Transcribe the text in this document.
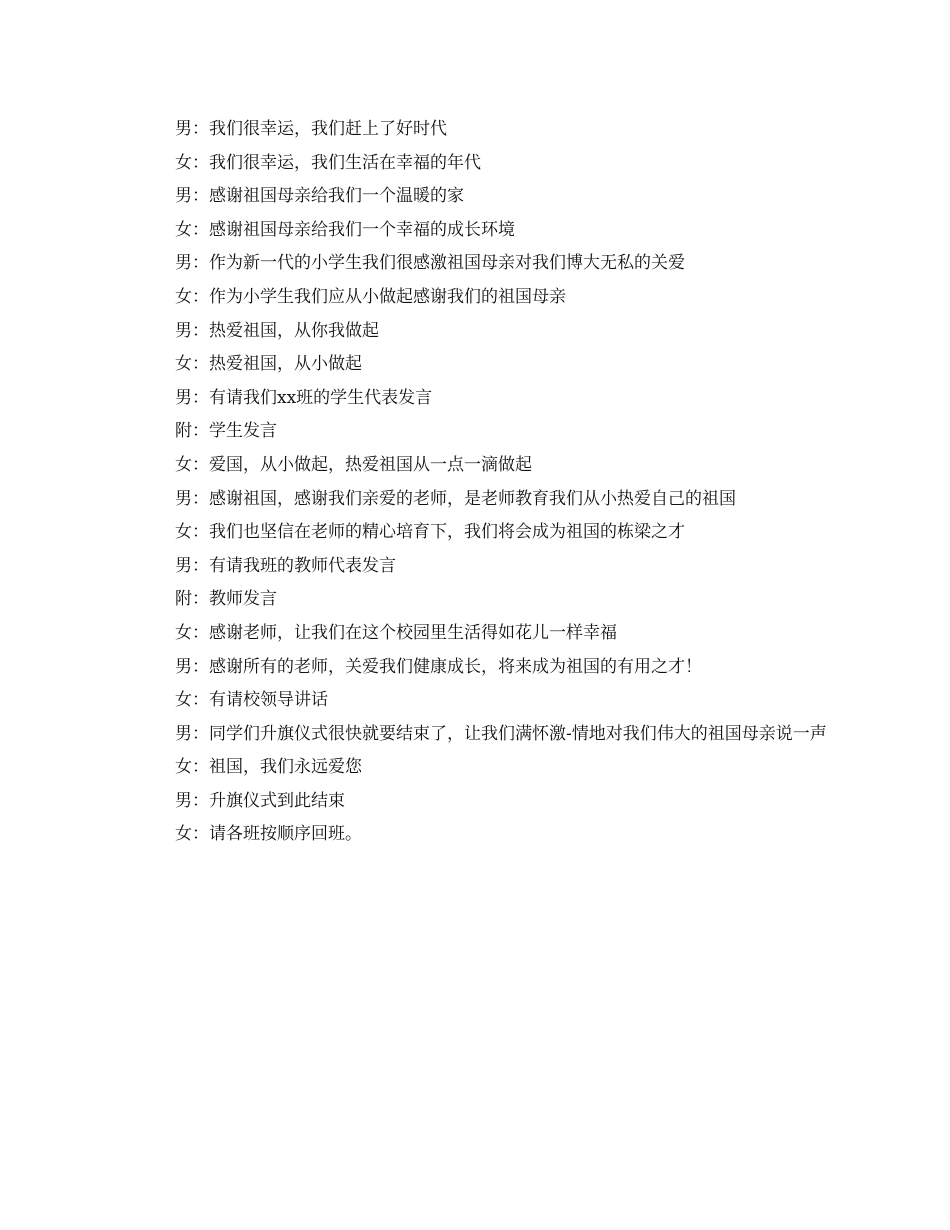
男：我们很幸运，我们赶上了好时代

女：我们很幸运，我们生活在幸福的年代

男：感谢祖国母亲给我们一个温暖的家

女：感谢祖国母亲给我们一个幸福的成长环境

男：作为新一代的小学生我们很感激祖国母亲对我们博大无私的关爱

女：作为小学生我们应从小做起感谢我们的祖国母亲

男：热爱祖国，从你我做起

女：热爱祖国，从小做起

男：有请我们xx班的学生代表发言

附：学生发言

女：爱国，从小做起，热爱祖国从一点一滴做起

男：感谢祖国，感谢我们亲爱的老师，是老师教育我们从小热爱自己的祖国

女：我们也坚信在老师的精心培育下，我们将会成为祖国的栋梁之才

男：有请我班的教师代表发言

附：教师发言

女：感谢老师，让我们在这个校园里生活得如花儿一样幸福

男：感谢所有的老师，关爱我们健康成长，将来成为祖国的有用之才！

女：有请校领导讲话

男：同学们升旗仪式很快就要结束了，让我们满怀激-情地对我们伟大的祖国母亲说一声

女：祖国，我们永远爱您

男：升旗仪式到此结束

女：请各班按顺序回班。
